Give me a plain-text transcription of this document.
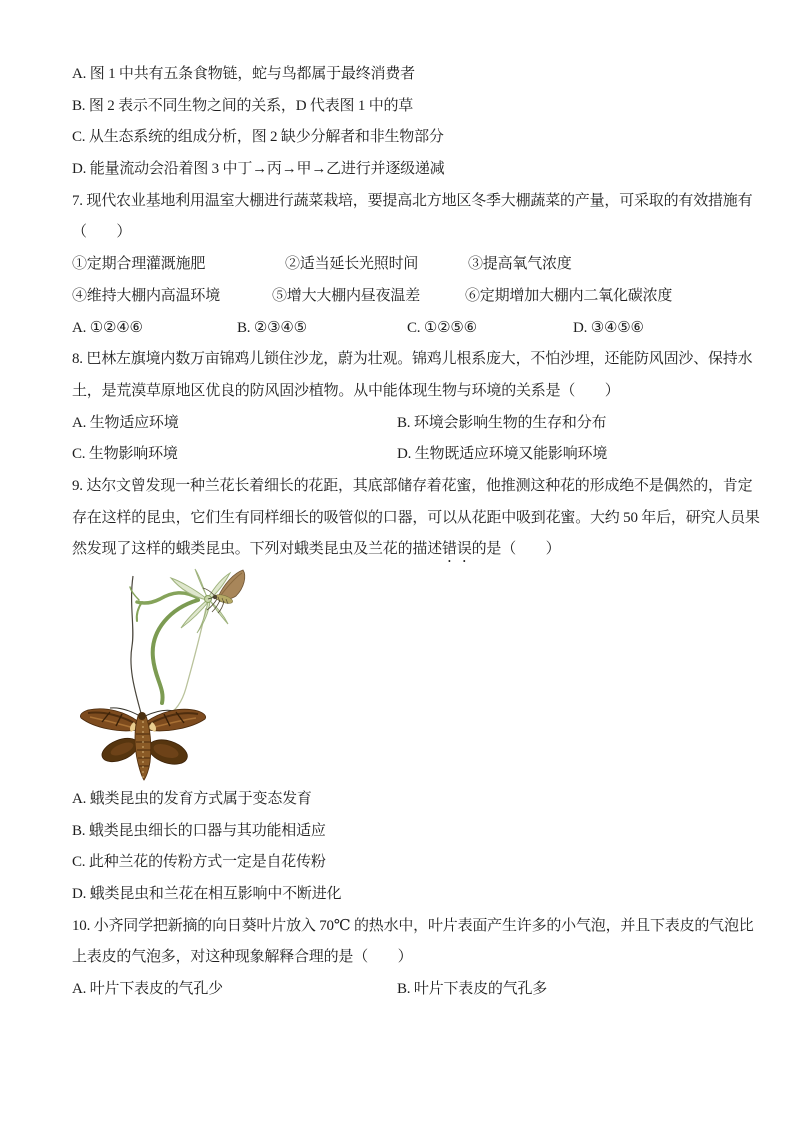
A. 图 1 中共有五条食物链，蛇与鸟都属于最终消费者
B. 图 2 表示不同生物之间的关系，D 代表图 1 中的草
C. 从生态系统的组成分析，图 2 缺少分解者和非生物部分
D. 能量流动会沿着图 3 中丁→丙→甲→乙进行并逐级递减
7. 现代农业基地利用温室大棚进行蔬菜栽培，要提高北方地区冬季大棚蔬菜的产量，可采取的有效措施有
（　　）
①定期合理灌溉施肥	②适当延长光照时间	③提高氧气浓度
④维持大棚内高温环境	⑤增大大棚内昼夜温差	⑥定期增加大棚内二氧化碳浓度
A. ①②④⑥	B. ②③④⑤	C. ①②⑤⑥	D. ③④⑤⑥
8. 巴林左旗境内数万亩锦鸡儿锁住沙龙，蔚为壮观。锦鸡儿根系庞大，不怕沙埋，还能防风固沙、保持水
土，是荒漠草原地区优良的防风固沙植物。从中能体现生物与环境的关系是（　　）
A. 生物适应环境	B. 环境会影响生物的生存和分布
C. 生物影响环境	D. 生物既适应环境又能影响环境
9. 达尔文曾发现一种兰花长着细长的花距，其底部储存着花蜜，他推测这种花的形成绝不是偶然的，肯定
存在这样的昆虫，它们生有同样细长的吸管似的口器，可以从花距中吸到花蜜。大约 50 年后，研究人员果
然发现了这样的蛾类昆虫。下列对蛾类昆虫及兰花的描述错误的是（　　）
A. 蛾类昆虫的发育方式属于变态发育
B. 蛾类昆虫细长的口器与其功能相适应
C. 此种兰花的传粉方式一定是自花传粉
D. 蛾类昆虫和兰花在相互影响中不断进化
10. 小齐同学把新摘的向日葵叶片放入 70℃ 的热水中，叶片表面产生许多的小气泡，并且下表皮的气泡比
上表皮的气泡多，对这种现象解释合理的是（　　）
A. 叶片下表皮的气孔少	B. 叶片下表皮的气孔多
